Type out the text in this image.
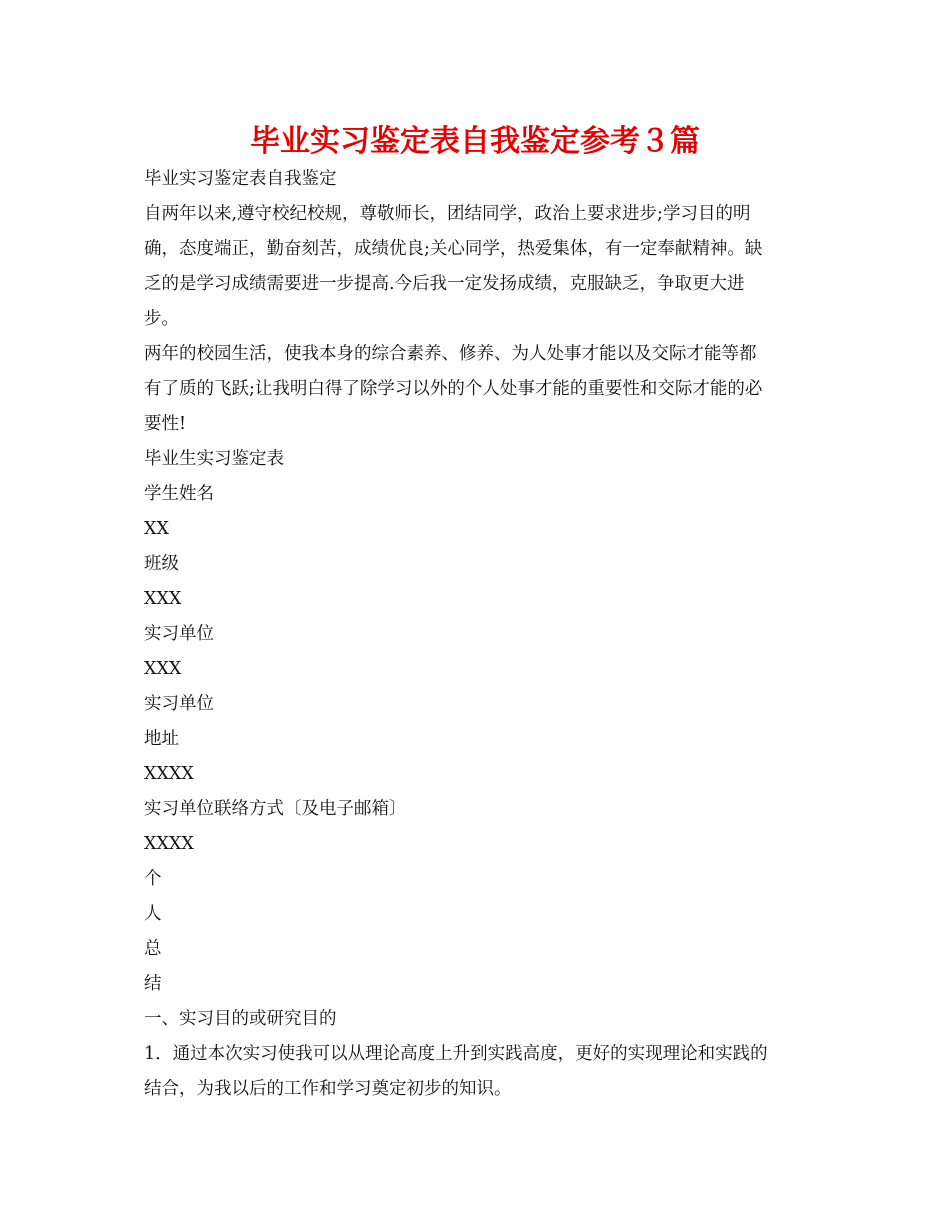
毕业实习鉴定表自我鉴定参考３篇

毕业实习鉴定表自我鉴定

自两年以来,遵守校纪校规，尊敬师长，团结同学，政治上要求进步;学习目的明

确，态度端正，勤奋刻苦，成绩优良;关心同学，热爱集体，有一定奉献精神。缺

乏的是学习成绩需要进一步提高.今后我一定发扬成绩，克服缺乏，争取更大进

步。

两年的校园生活，使我本身的综合素养、修养、为人处事才能以及交际才能等都

有了质的飞跃;让我明白得了除学习以外的个人处事才能的重要性和交际才能的必

要性!

毕业生实习鉴定表

学生姓名

XX

班级

XXX

实习单位

XXX

实习单位

地址

XXXX

实习单位联络方式〔及电子邮箱〕

XXXX

个

人

总

结

一、实习目的或研究目的

1．通过本次实习使我可以从理论高度上升到实践高度，更好的实现理论和实践的

结合，为我以后的工作和学习奠定初步的知识。
